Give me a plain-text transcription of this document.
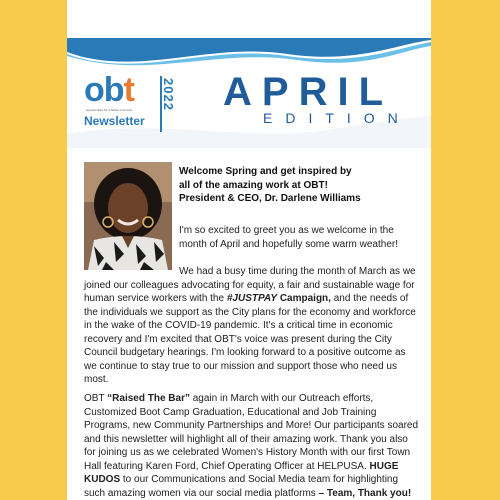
obt
opportunities for a better tomorrow
Newsletter
2022 APRIL
EDITION
Welcome Spring and get inspired by
all of the amazing work at OBT!
President & CEO, Dr. Darlene Williams
I'm so excited to greet you as we welcome in the month of April and hopefully some warm weather!
We had a busy time during the month of March as we joined our colleagues advocating for equity, a fair and sustainable wage for human service workers with the #JUSTPAY Campaign, and the needs of the individuals we support as the City plans for the economy and workforce in the wake of the COVID-19 pandemic. It's a critical time in economic recovery and I'm excited that OBT's voice was present during the City Council budgetary hearings. I'm looking forward to a positive outcome as we continue to stay true to our mission and support those who need us most.
OBT “Raised The Bar” again in March with our Outreach efforts, Customized Boot Camp Graduation, Educational and Job Training Programs, new Community Partnerships and More! Our participants soared and this newsletter will highlight all of their amazing work. Thank you also for joining us as we celebrated Women's History Month with our first Town Hall featuring Karen Ford, Chief Operating Officer at HELPUSA. HUGE KUDOS to our Communications and Social Media team for highlighting such amazing women via our social media platforms – Team, Thank you!
